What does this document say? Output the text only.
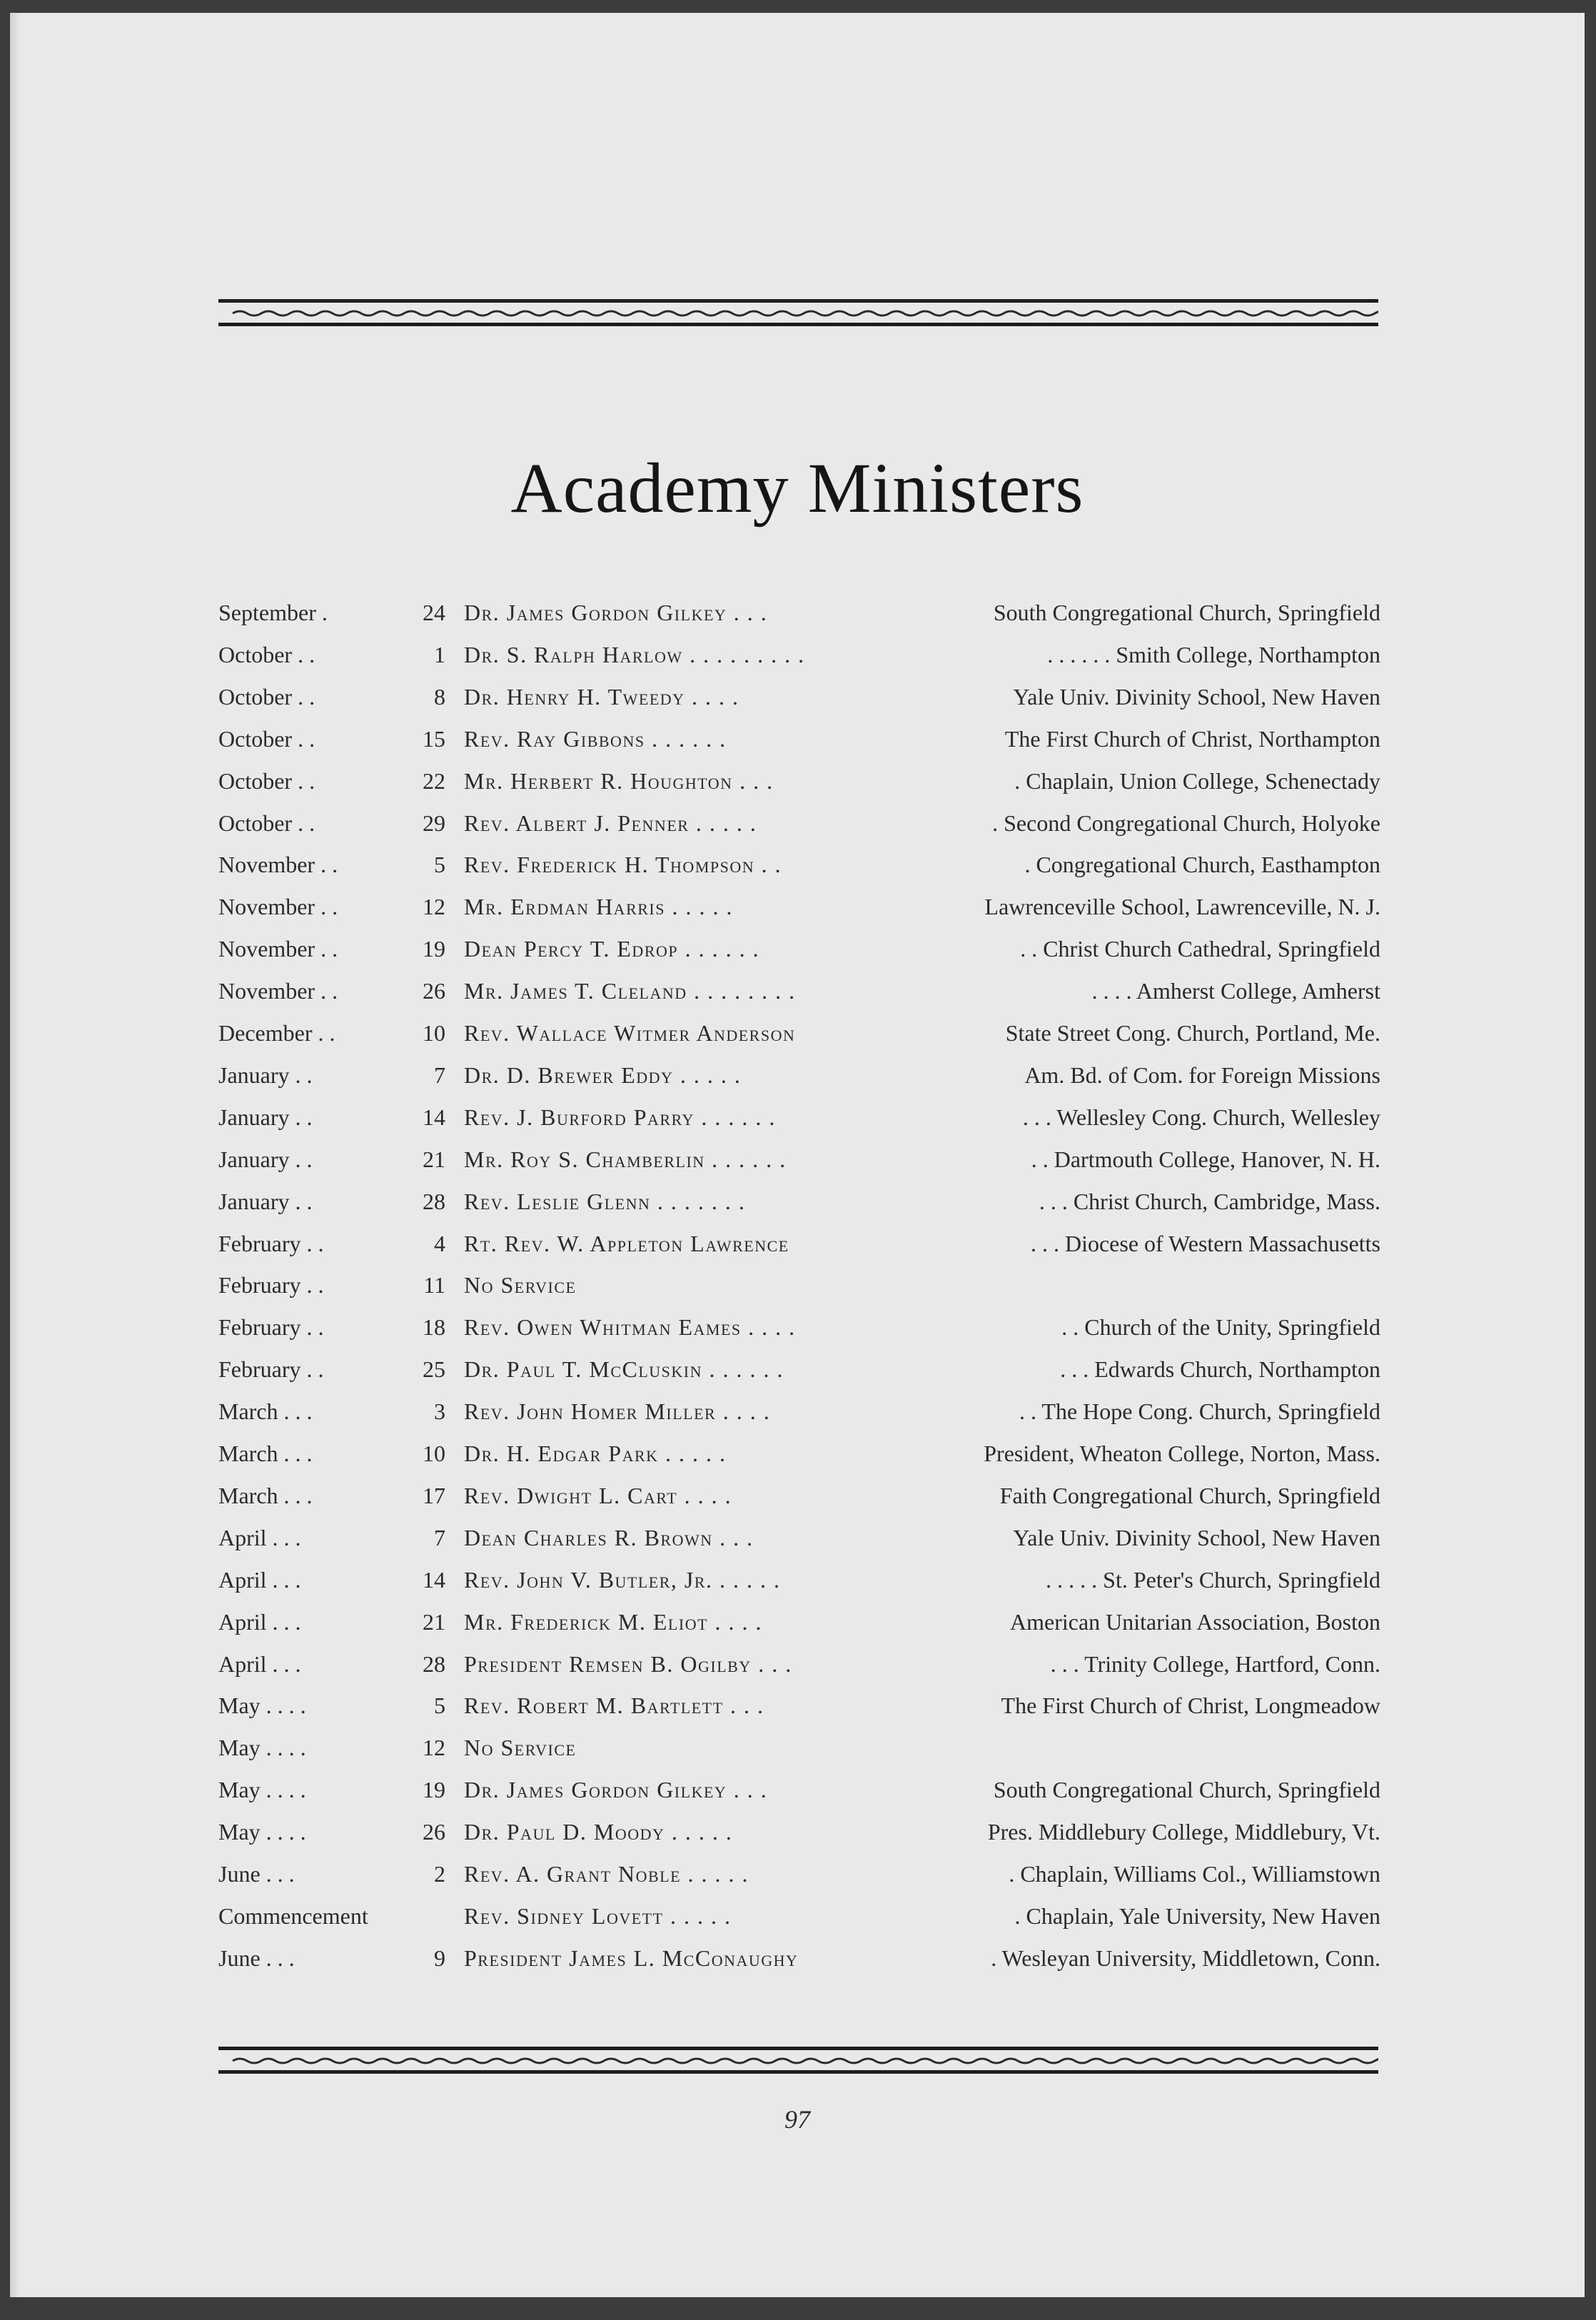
Academy Ministers
September .	24 Dr. James Gordon Gilkey . . .	South Congregational Church, Springfield
October . .	1 Dr. S. Ralph Harlow . . . . . . . . .	. . . . . . Smith College, Northampton
October . .	8 Dr. Henry H. Tweedy . . . .	Yale Univ. Divinity School, New Haven
October . .	15 Rev. Ray Gibbons . . . . . .	The First Church of Christ, Northampton
October . .	22 Mr. Herbert R. Houghton . . .	. Chaplain, Union College, Schenectady
October . .	29 Rev. Albert J. Penner . . . . .	. Second Congregational Church, Holyoke
November . .	5 Rev. Frederick H. Thompson . .	. Congregational Church, Easthampton
November . .	12 Mr. Erdman Harris . . . . .	Lawrenceville School, Lawrenceville, N. J.
November . .	19 Dean Percy T. Edrop . . . . . .	. . Christ Church Cathedral, Springfield
November . .	26 Mr. James T. Cleland . . . . . . . .	. . . . Amherst College, Amherst
December . .	10 Rev. Wallace Witmer Anderson	State Street Cong. Church, Portland, Me.
January . .	7 Dr. D. Brewer Eddy . . . . .	Am. Bd. of Com. for Foreign Missions
January . .	14 Rev. J. Burford Parry . . . . . .	. . . Wellesley Cong. Church, Wellesley
January . .	21 Mr. Roy S. Chamberlin . . . . . .	. . Dartmouth College, Hanover, N. H.
January . .	28 Rev. Leslie Glenn . . . . . . .	. . . Christ Church, Cambridge, Mass.
February . .	4 Rt. Rev. W. Appleton Lawrence	. . . Diocese of Western Massachusetts
February . .	11 No Service
February . .	18 Rev. Owen Whitman Eames . . . .	. . Church of the Unity, Springfield
February . .	25 Dr. Paul T. McCluskin . . . . . .	. . . Edwards Church, Northampton
March . . .	3 Rev. John Homer Miller . . . .	. . The Hope Cong. Church, Springfield
March . . .	10 Dr. H. Edgar Park . . . . .	President, Wheaton College, Norton, Mass.
March . . .	17 Rev. Dwight L. Cart . . . .	Faith Congregational Church, Springfield
April . . .	7 Dean Charles R. Brown . . .	Yale Univ. Divinity School, New Haven
April . . .	14 Rev. John V. Butler, Jr. . . . . .	. . . . . St. Peter's Church, Springfield
April . . .	21 Mr. Frederick M. Eliot . . . .	American Unitarian Association, Boston
April . . .	28 President Remsen B. Ogilby . . .	. . . Trinity College, Hartford, Conn.
May . . . .	5 Rev. Robert M. Bartlett . . .	The First Church of Christ, Longmeadow
May . . . .	12 No Service
May . . . .	19 Dr. James Gordon Gilkey . . .	South Congregational Church, Springfield
May . . . .	26 Dr. Paul D. Moody . . . . .	Pres. Middlebury College, Middlebury, Vt.
June . . .	2 Rev. A. Grant Noble . . . . .	. Chaplain, Williams Col., Williamstown
Commencement	Rev. Sidney Lovett . . . . .	. Chaplain, Yale University, New Haven
June . . .	9 President James L. McConaughy	. Wesleyan University, Middletown, Conn.
97
